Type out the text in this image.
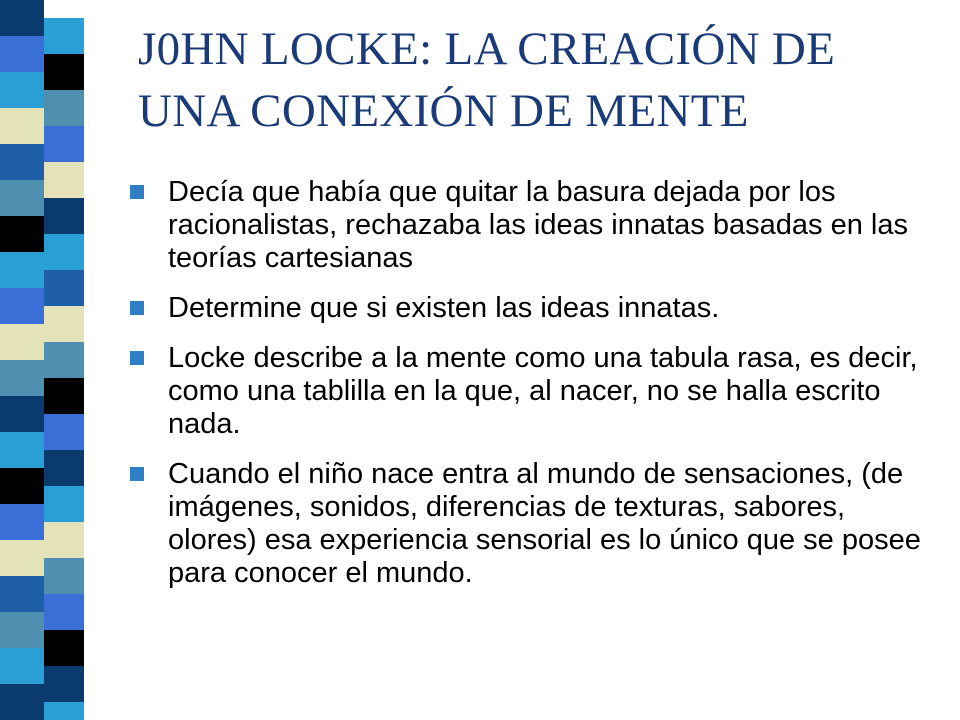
J0HN LOCKE: LA CREACIÓN DE
UNA CONEXIÓN DE MENTE
Decía que había que quitar la basura dejada por los racionalistas, rechazaba las ideas innatas basadas en las teorías cartesianas
Determine que si existen las ideas innatas.
Locke describe a la mente como una tabula rasa, es decir, como una tablilla en la que, al nacer, no se halla escrito nada.
Cuando el niño nace entra al mundo de sensaciones, (de imágenes, sonidos, diferencias de texturas, sabores, olores) esa experiencia sensorial es lo único que se posee para conocer el mundo.
